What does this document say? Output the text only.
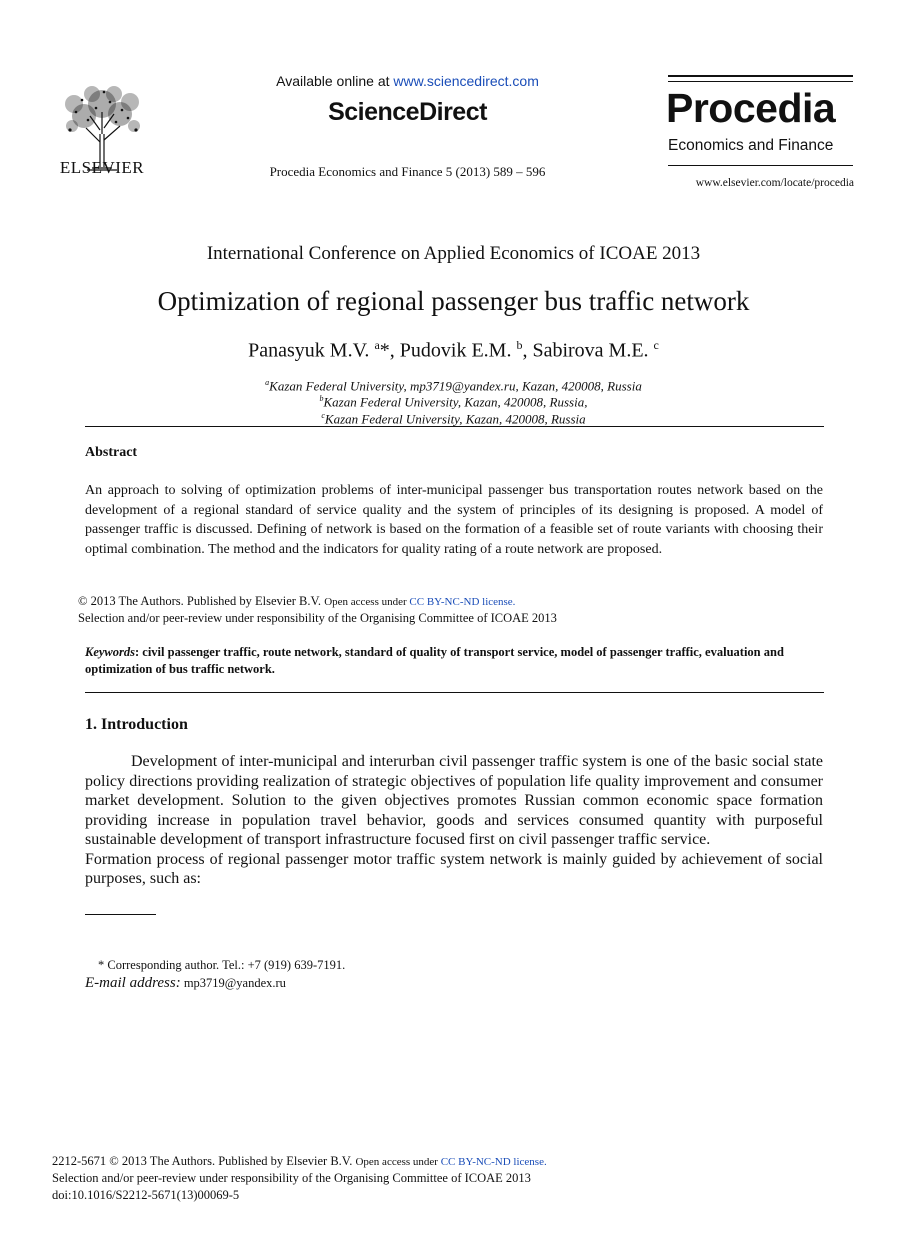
ELSEVIER
Available online at www.sciencedirect.com
ScienceDirect
Procedia Economics and Finance 5 (2013) 589 – 596
Procedia
Economics and Finance
www.elsevier.com/locate/procedia
International Conference on Applied Economics of ICOAE 2013
Optimization of regional passenger bus traffic network
Panasyuk M.V. $^a$*, Pudovik E.M. $^b$, Sabirova M.E. $^c$
$^a$Kazan Federal University, mp3719@yandex.ru, Kazan, 420008, Russia
$^b$Kazan Federal University, Kazan, 420008, Russia,
$^c$Kazan Federal University, Kazan, 420008, Russia
Abstract
An approach to solving of optimization problems of inter-municipal passenger bus transportation routes network based on the development of a regional standard of service quality and the system of principles of its designing is proposed. A model of passenger traffic is discussed. Defining of network is based on the formation of a feasible set of route variants with choosing their optimal combination. The method and the indicators for quality rating of a route network are proposed.
© 2013 The Authors. Published by Elsevier B.V. Open access under CC BY-NC-ND license.
Selection and/or peer-review under responsibility of the Organising Committee of ICOAE 2013
Keywords: civil passenger traffic, route network, standard of quality of transport service, model of passenger traffic, evaluation and optimization of bus traffic network.
1. Introduction

Development of inter-municipal and interurban civil passenger traffic system is one of the basic social state policy directions providing realization of strategic objectives of population life quality improvement and consumer market development. Solution to the given objectives promotes Russian common economic space formation providing increase in population travel behavior, goods and services consumed quantity with purposeful sustainable development of transport infrastructure focused first on civil passenger traffic service.

Formation process of regional passenger motor traffic system network is mainly guided by achievement of social purposes, such as:

* Corresponding author. Tel.: +7 (919) 639-7191.
E-mail address: mp3719@yandex.ru
2212-5671 © 2013 The Authors. Published by Elsevier B.V. Open access under CC BY-NC-ND license.
Selection and/or peer-review under responsibility of the Organising Committee of ICOAE 2013
doi:10.1016/S2212-5671(13)00069-5
